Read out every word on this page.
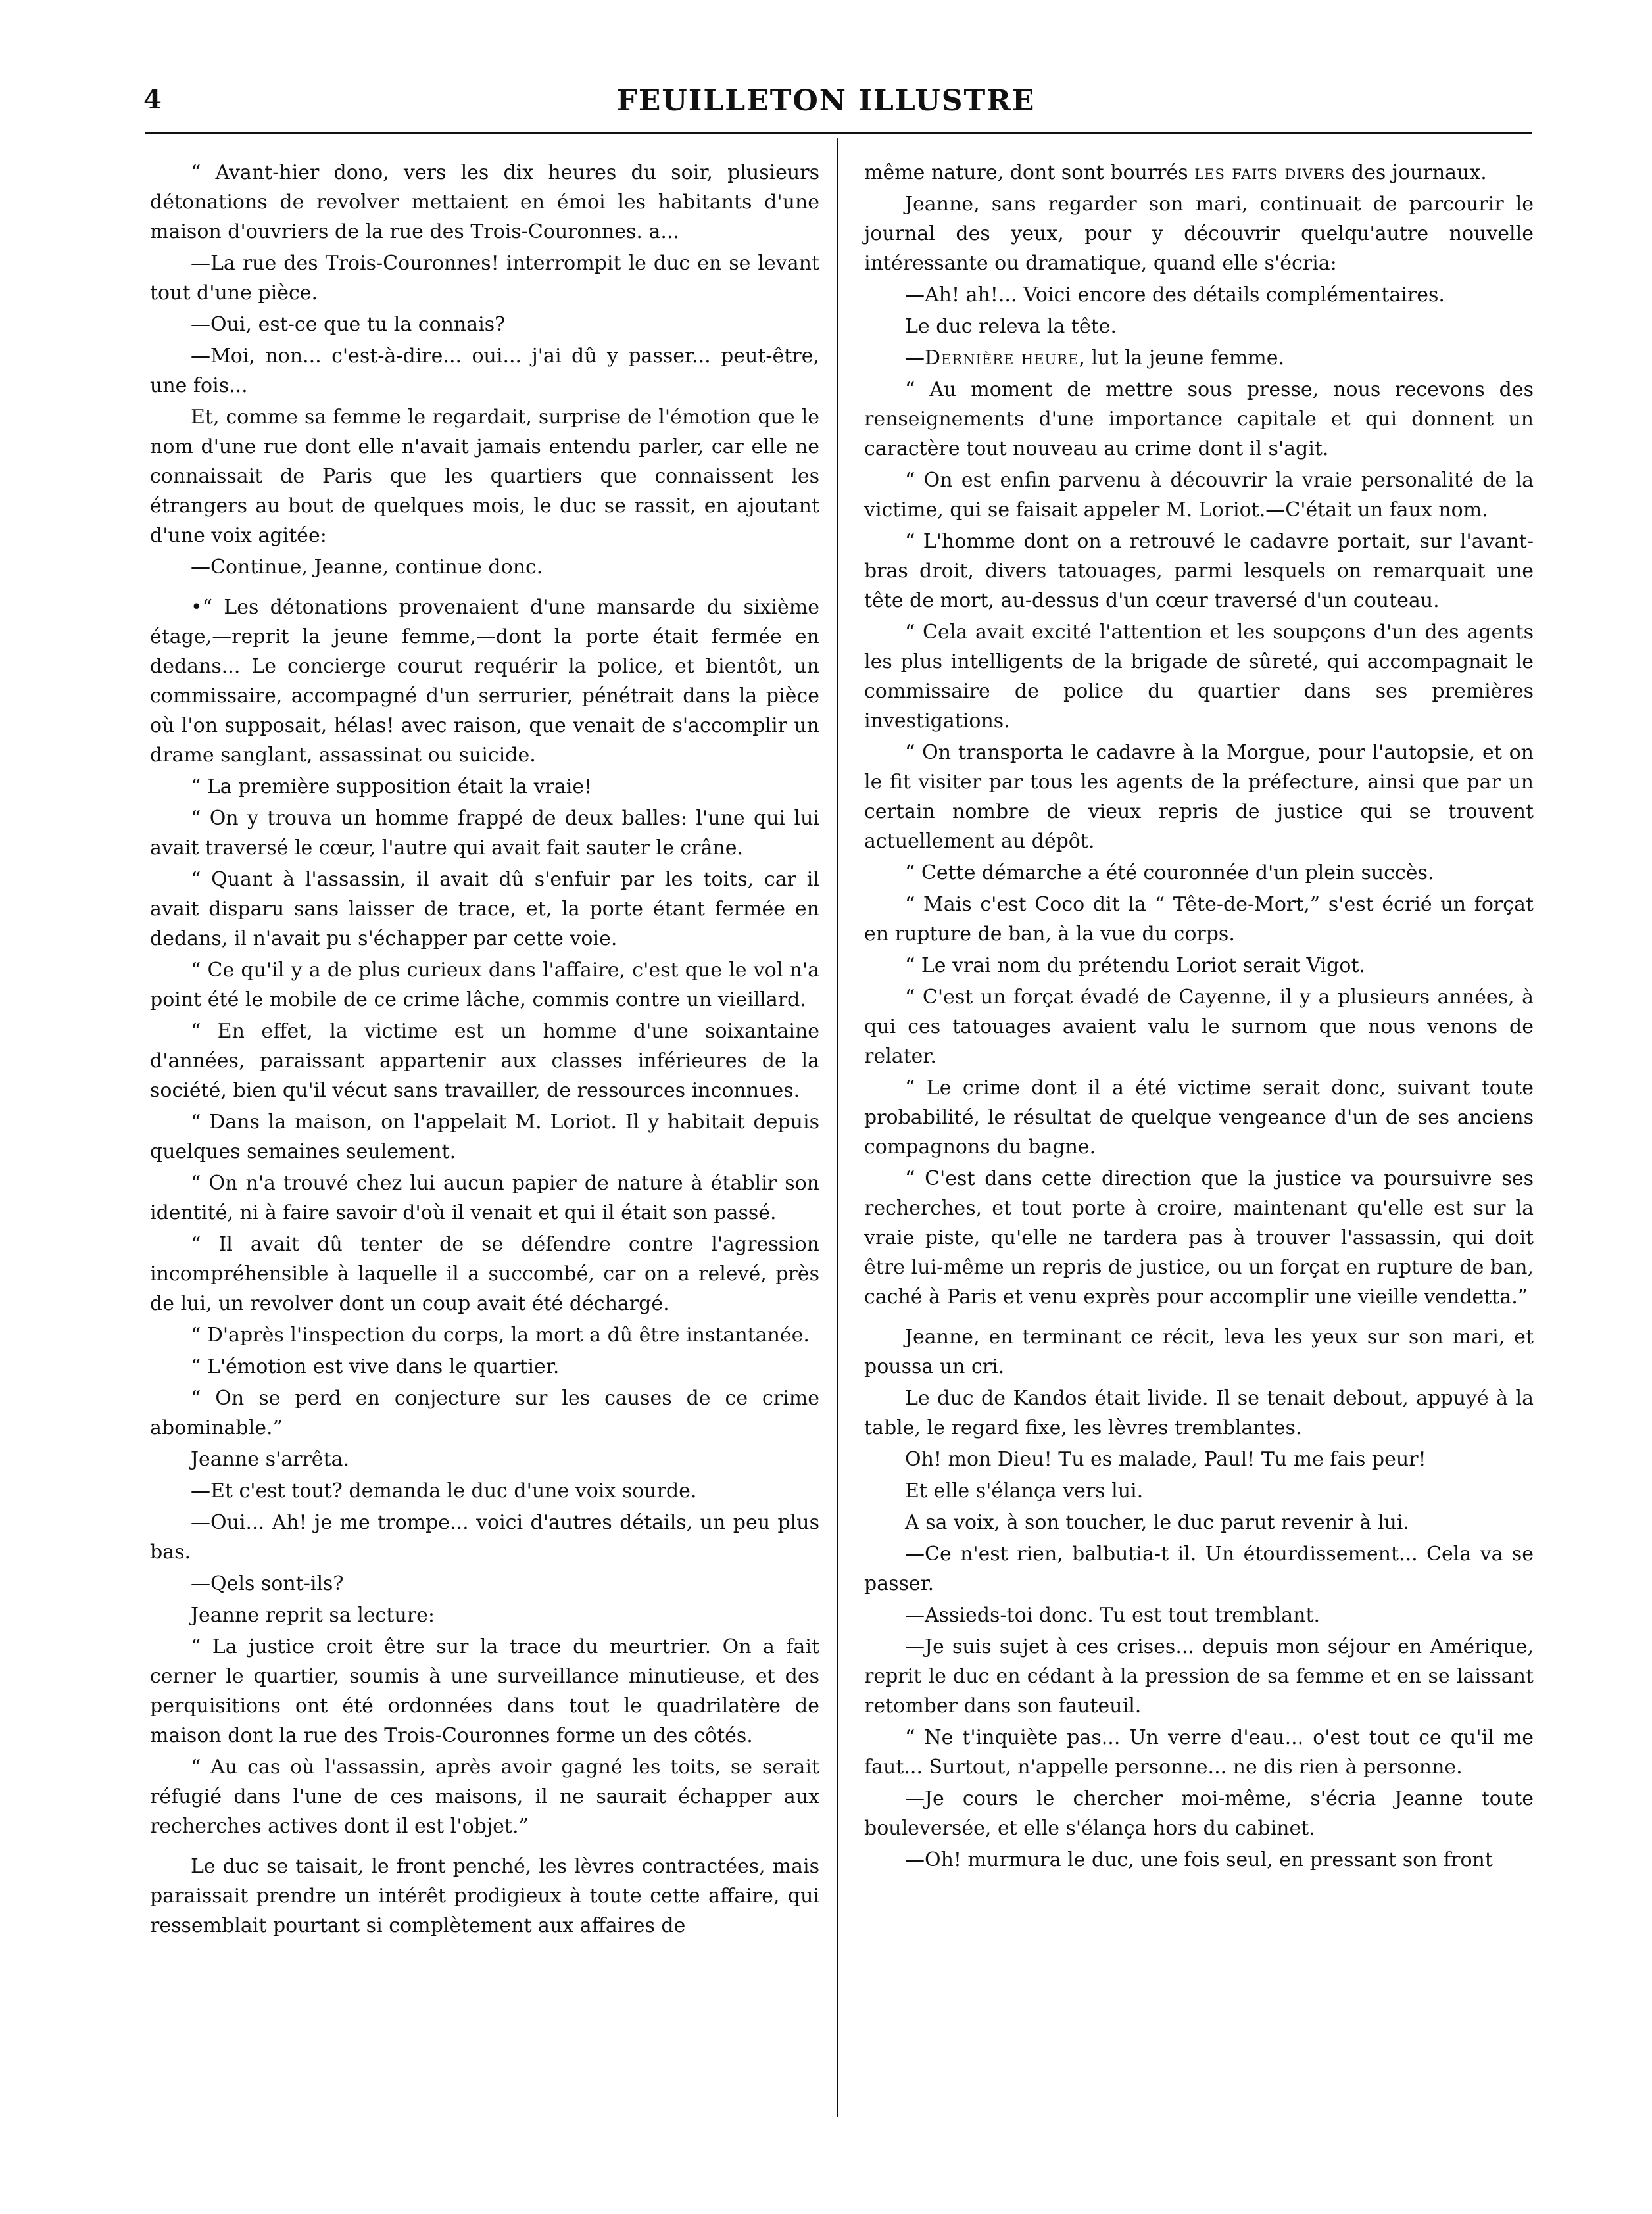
4	FEUILLETON ILLUSTRE

“ Avant-hier dono, vers les dix heures du soir, plusieurs détonations de revolver mettaient en émoi les habitants d'une maison d'ouvriers de la rue des Trois-Couronnes. a...

—La rue des Trois-Couronnes! interrompit le duc en se levant tout d'une pièce.

—Oui, est-ce que tu la connais?

—Moi, non... c'est-à-dire... oui... j'ai dû y passer... peut-être, une fois...

Et, comme sa femme le regardait, surprise de l'émotion que le nom d'une rue dont elle n'avait jamais entendu parler, car elle ne connaissait de Paris que les quartiers que connaissent les étrangers au bout de quelques mois, le duc se rassit, en ajoutant d'une voix agitée:

—Continue, Jeanne, continue donc.

•“ Les détonations provenaient d'une mansarde du sixième étage,—reprit la jeune femme,—dont la porte était fermée en dedans... Le concierge courut requérir la police, et bientôt, un commissaire, accompagné d'un serrurier, pénétrait dans la pièce où l'on supposait, hélas! avec raison, que venait de s'accomplir un drame sanglant, assassinat ou suicide.

“ La première supposition était la vraie!

“ On y trouva un homme frappé de deux balles: l'une qui lui avait traversé le cœur, l'autre qui avait fait sauter le crâne.

“ Quant à l'assassin, il avait dû s'enfuir par les toits, car il avait disparu sans laisser de trace, et, la porte étant fermée en dedans, il n'avait pu s'échapper par cette voie.

“ Ce qu'il y a de plus curieux dans l'affaire, c'est que le vol n'a point été le mobile de ce crime lâche, commis contre un vieillard.

“ En effet, la victime est un homme d'une soixantaine d'années, paraissant appartenir aux classes inférieures de la société, bien qu'il vécut sans travailler, de ressources inconnues.

“ Dans la maison, on l'appelait M. Loriot. Il y habitait depuis quelques semaines seulement.

“ On n'a trouvé chez lui aucun papier de nature à établir son identité, ni à faire savoir d'où il venait et qui il était son passé.

“ Il avait dû tenter de se défendre contre l'agression incompréhensible à laquelle il a succombé, car on a relevé, près de lui, un revolver dont un coup avait été déchargé.

“ D'après l'inspection du corps, la mort a dû être instantanée.

“ L'émotion est vive dans le quartier.

“ On se perd en conjecture sur les causes de ce crime abominable.”

Jeanne s'arrêta.

—Et c'est tout? demanda le duc d'une voix sourde.

—Oui... Ah! je me trompe... voici d'autres détails, un peu plus bas.

—Qels sont-ils?

Jeanne reprit sa lecture:

“ La justice croit être sur la trace du meurtrier. On a fait cerner le quartier, soumis à une surveillance minutieuse, et des perquisitions ont été ordonnées dans tout le quadrilatère de maison dont la rue des Trois-Couronnes forme un des côtés.

“ Au cas où l'assassin, après avoir gagné les toits, se serait réfugié dans l'une de ces maisons, il ne saurait échapper aux recherches actives dont il est l'objet.”

Le duc se taisait, le front penché, les lèvres contractées, mais paraissait prendre un intérêt prodigieux à toute cette affaire, qui ressemblait pourtant si complètement aux affaires de

même nature, dont sont bourrés les faits divers des journaux.

Jeanne, sans regarder son mari, continuait de parcourir le journal des yeux, pour y découvrir quelqu'autre nouvelle intéressante ou dramatique, quand elle s'écria:

—Ah! ah!... Voici encore des détails complémentaires.

Le duc releva la tête.

—Dernière heure, lut la jeune femme.

“ Au moment de mettre sous presse, nous recevons des renseignements d'une importance capitale et qui donnent un caractère tout nouveau au crime dont il s'agit.

“ On est enfin parvenu à découvrir la vraie personalité de la victime, qui se faisait appeler M. Loriot.—C'était un faux nom.

“ L'homme dont on a retrouvé le cadavre portait, sur l'avant-bras droit, divers tatouages, parmi lesquels on remarquait une tête de mort, au-dessus d'un cœur traversé d'un couteau.

“ Cela avait excité l'attention et les soupçons d'un des agents les plus intelligents de la brigade de sûreté, qui accompagnait le commissaire de police du quartier dans ses premières investigations.

“ On transporta le cadavre à la Morgue, pour l'autopsie, et on le fit visiter par tous les agents de la préfecture, ainsi que par un certain nombre de vieux repris de justice qui se trouvent actuellement au dépôt.

“ Cette démarche a été couronnée d'un plein succès.

“ Mais c'est Coco dit la “ Tête-de-Mort,” s'est écrié un forçat en rupture de ban, à la vue du corps.

“ Le vrai nom du prétendu Loriot serait Vigot.

“ C'est un forçat évadé de Cayenne, il y a plusieurs années, à qui ces tatouages avaient valu le surnom que nous venons de relater.

“ Le crime dont il a été victime serait donc, suivant toute probabilité, le résultat de quelque vengeance d'un de ses anciens compagnons du bagne.

“ C'est dans cette direction que la justice va poursuivre ses recherches, et tout porte à croire, maintenant qu'elle est sur la vraie piste, qu'elle ne tardera pas à trouver l'assassin, qui doit être lui-même un repris de justice, ou un forçat en rupture de ban, caché à Paris et venu exprès pour accomplir une vieille vendetta.”

Jeanne, en terminant ce récit, leva les yeux sur son mari, et poussa un cri.

Le duc de Kandos était livide. Il se tenait debout, appuyé à la table, le regard fixe, les lèvres tremblantes.

Oh! mon Dieu! Tu es malade, Paul! Tu me fais peur!

Et elle s'élança vers lui.

A sa voix, à son toucher, le duc parut revenir à lui.

—Ce n'est rien, balbutia-t il. Un étourdissement... Cela va se passer.

—Assieds-toi donc. Tu est tout tremblant.

—Je suis sujet à ces crises... depuis mon séjour en Amérique, reprit le duc en cédant à la pression de sa femme et en se laissant retomber dans son fauteuil.

“ Ne t'inquiète pas... Un verre d'eau... o'est tout ce qu'il me faut... Surtout, n'appelle personne... ne dis rien à personne.

—Je cours le chercher moi-même, s'écria Jeanne toute bouleversée, et elle s'élança hors du cabinet.

—Oh! murmura le duc, une fois seul, en pressant son front
